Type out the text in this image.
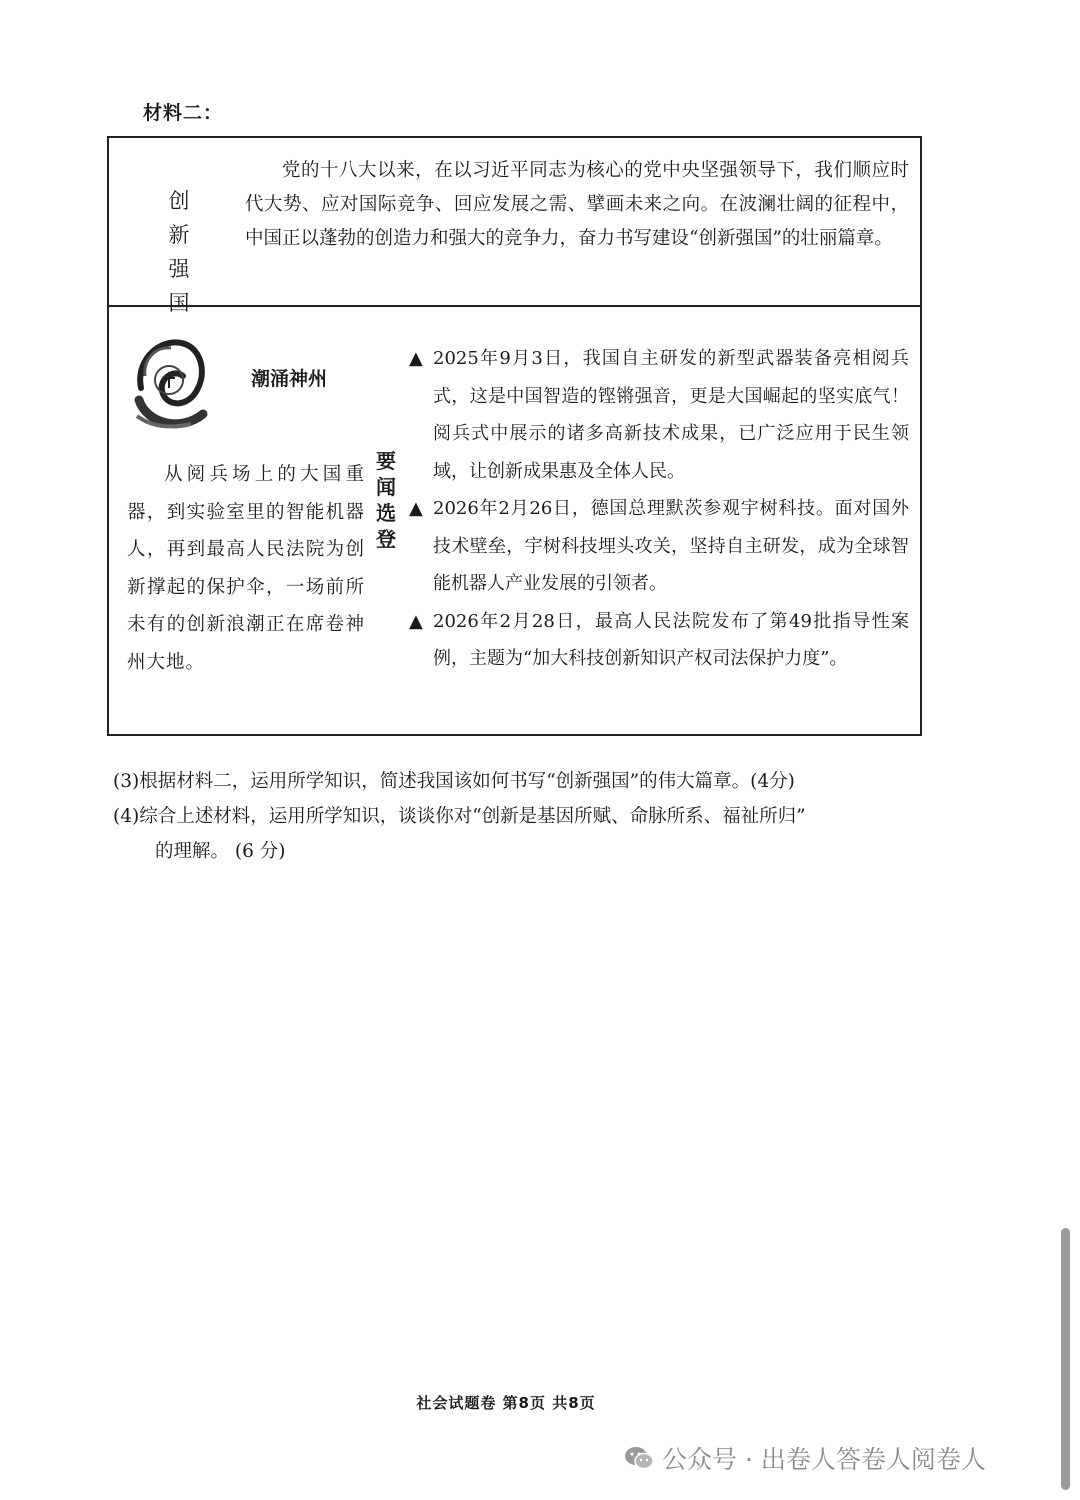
材料二：
创 新
强 国

党的十八大以来，在以习近平同志为核心的党中央坚强领导下，我们顺应时代大势、应对国际竞争、回应发展之需、擘画未来之向。在波澜壮阔的征程中，中国正以蓬勃的创造力和强大的竞争力，奋力书写建设“创新强国”的壮丽篇章。

潮涌神州

从阅兵场上的大国重器，到实验室里的智能机器人，再到最高人民法院为创新撑起的保护伞，一场前所未有的创新浪潮正在席卷神州大地。

要
闻
选
登
▲ 2025年9月3日，我国自主研发的新型武器装备亮相阅兵式，这是中国智造的铿锵强音，更是大国崛起的坚实底气！阅兵式中展示的诸多高新技术成果，已广泛应用于民生领域，让创新成果惠及全体人民。
▲ 2026年2月26日，德国总理默茨参观宇树科技。面对国外技术壁垒，宇树科技埋头攻关，坚持自主研发，成为全球智能机器人产业发展的引领者。
▲ 2026年2月28日，最高人民法院发布了第49批指导性案例，主题为“加大科技创新知识产权司法保护力度”。

(3)根据材料二，运用所学知识，简述我国该如何书写“创新强国”的伟大篇章。(4分)

(4)综合上述材料，运用所学知识，谈谈你对“创新是基因所赋、命脉所系、福祉所归”

的理解。 (6 分)

社会试题卷 第8页 共8页
公众号 · 出卷人答卷人阅卷人
